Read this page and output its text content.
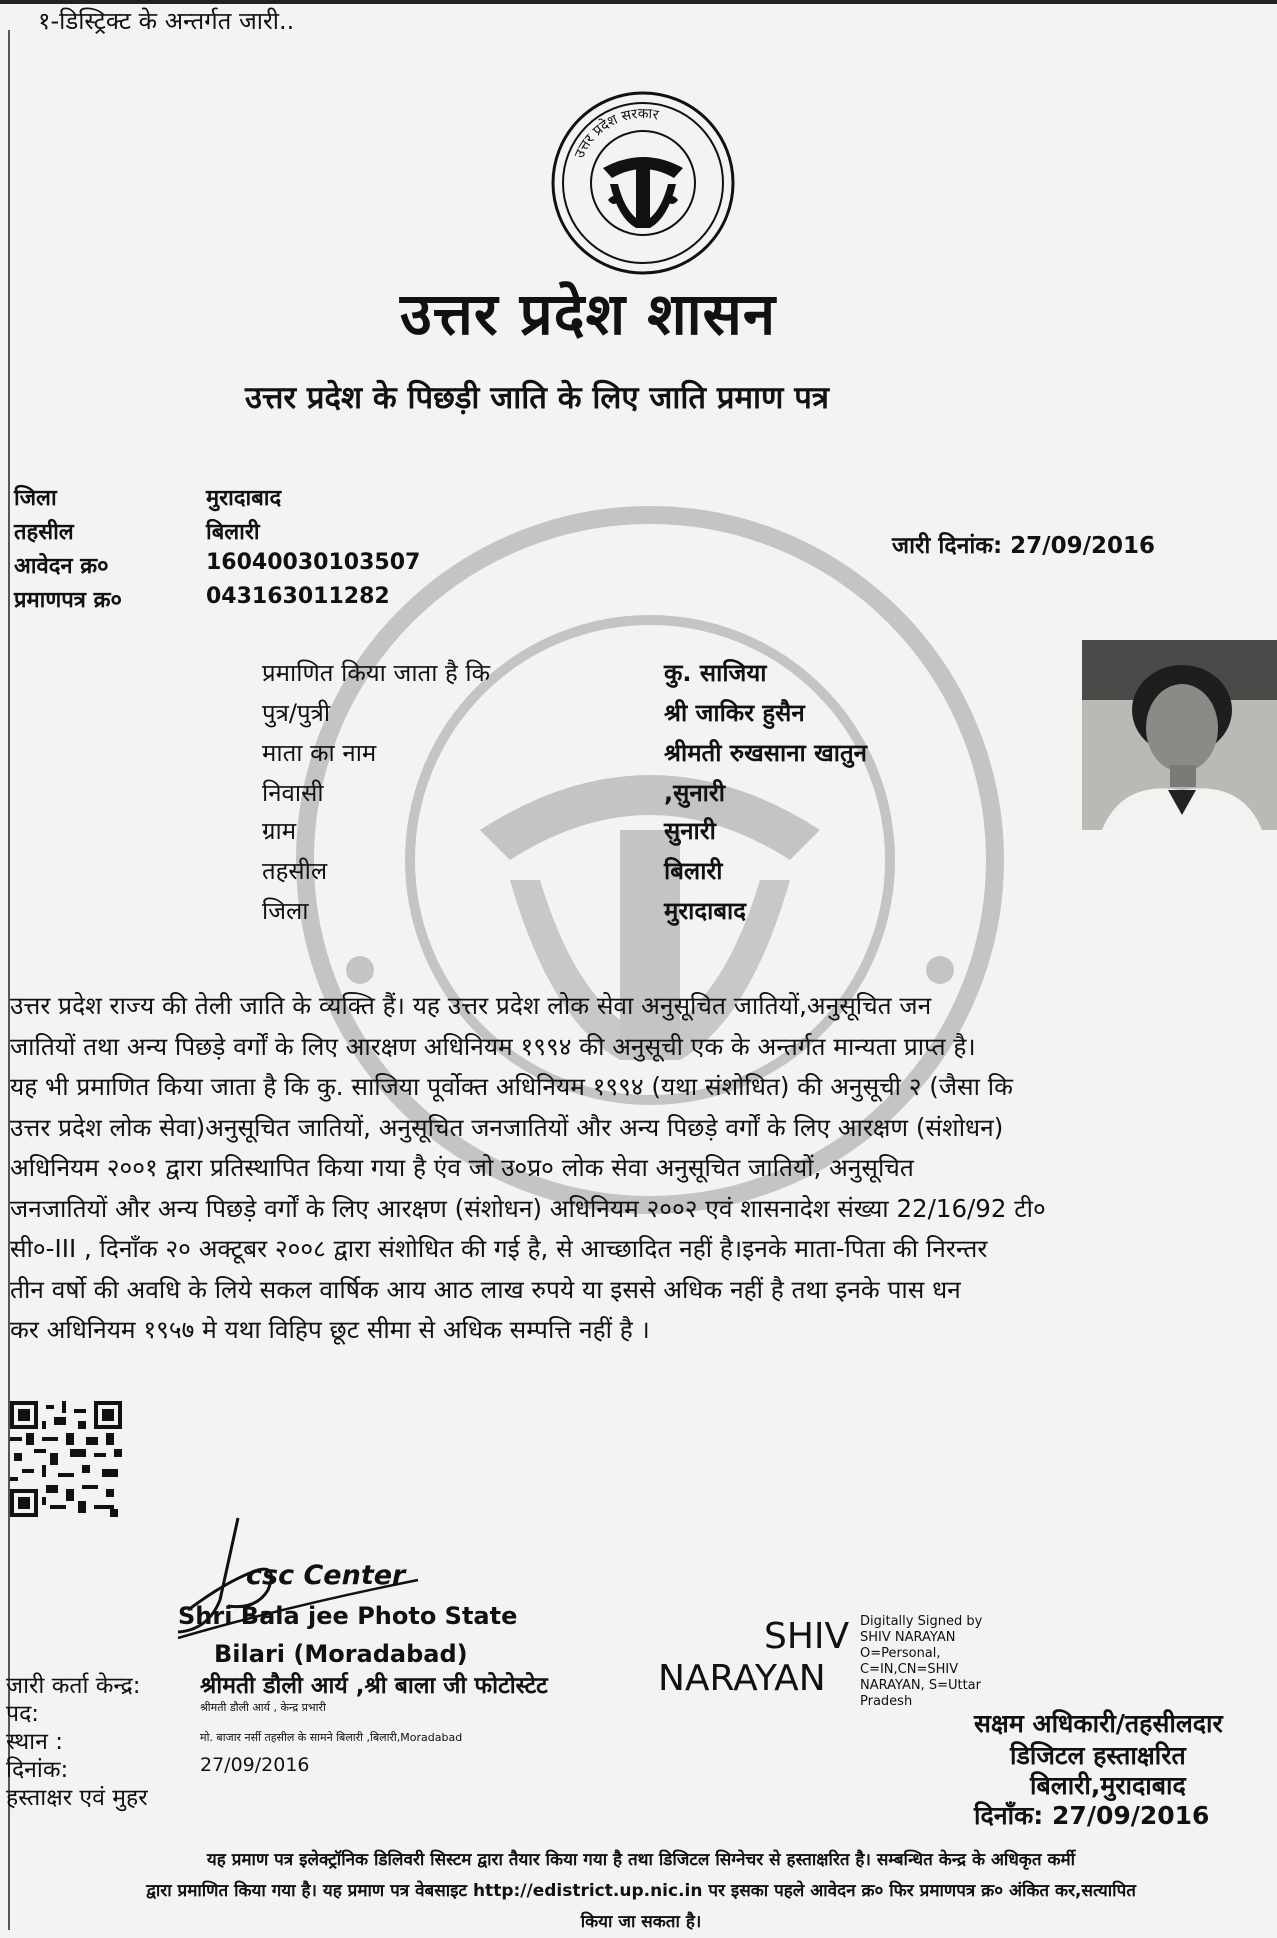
१-डिस्ट्रिक्ट के अन्तर्गत जारी..
उत्तर प्रदेश सरकार
उत्तर प्रदेश शासन
उत्तर प्रदेश के पिछड़ी जाति के लिए जाति प्रमाण पत्र
जिला	मुरादाबाद
तहसील	बिलारी
आवेदन क्र०	16040030103507
प्रमाणपत्र क्र०	043163011282
जारी दिनांक: 27/09/2016
प्रमाणित किया जाता है कि	कु. साजिया
पुत्र/पुत्री	श्री जाकिर हुसैन
माता का नाम	श्रीमती रुखसाना खातुन
निवासी	,सुनारी
ग्राम	सुनारी
तहसील	बिलारी
जिला	मुरादाबाद
उत्तर प्रदेश राज्य की तेली जाति के व्यक्ति हैं। यह उत्तर प्रदेश लोक सेवा अनुसूचित जातियों,अनुसूचित जन
जातियों तथा अन्य पिछड़े वर्गों के लिए आरक्षण अधिनियम १९९४ की अनुसूची एक के अन्तर्गत मान्यता प्राप्त है।
यह भी प्रमाणित किया जाता है कि कु. साजिया पूर्वोक्त अधिनियम १९९४ (यथा संशोधित) की अनुसूची २ (जैसा कि
उत्तर प्रदेश लोक सेवा)अनुसूचित जातियों, अनुसूचित जनजातियों और अन्य पिछड़े वर्गों के लिए आरक्षण (संशोधन)
अधिनियम २००१ द्वारा प्रतिस्थापित किया गया है एंव जो उ०प्र० लोक सेवा अनुसूचित जातियों, अनुसूचित
जनजातियों और अन्य पिछड़े वर्गों के लिए आरक्षण (संशोधन) अधिनियम २००२ एवं शासनादेश संख्या 22/16/92 टी०
सी०-III , दिनाँक २० अक्टूबर २००८ द्वारा संशोधित की गई है, से आच्छादित नहीं है।इनके माता-पिता की निरन्तर
तीन वर्षो की अवधि के लिये सकल वार्षिक आय आठ लाख रुपये या इससे अधिक नहीं है तथा इनके पास धन
कर अधिनियम १९५७ मे यथा विहिप छूट सीमा से अधिक सम्पत्ति नहीं है ।
csc Center
Shri Bala jee Photo State
Bilari (Moradabad)	SHIV
NARAYAN
Digitally Signed by SHIV NARAYAN O=Personal, C=IN,CN=SHIV NARAYAN, S=Uttar Pradesh
जारी कर्ता केन्द्र:	श्रीमती डौली आर्य ,श्री बाला जी फोटोस्टेट
पद:	श्रीमती डौली आर्य , केन्द्र प्रभारी
स्थान :	मो. बाजार नर्सी तहसील के सामने बिलारी ,बिलारी,Moradabad
दिनांक:	27/09/2016
हस्ताक्षर एवं मुहर
सक्षम अधिकारी/तहसीलदार
डिजिटल हस्ताक्षरित
बिलारी,मुरादाबाद
दिनाँक: 27/09/2016
यह प्रमाण पत्र इलेक्ट्रॉनिक डिलिवरी सिस्टम द्वारा तैयार किया गया है तथा डिजिटल सिग्नेचर से हस्ताक्षरित है। सम्बन्धित केन्द्र के अधिकृत कर्मी
द्वारा प्रमाणित किया गया है। यह प्रमाण पत्र वेबसाइट http://edistrict.up.nic.in पर इसका पहले आवेदन क्र० फिर प्रमाणपत्र क्र० अंकित कर,सत्यापित
किया जा सकता है।
